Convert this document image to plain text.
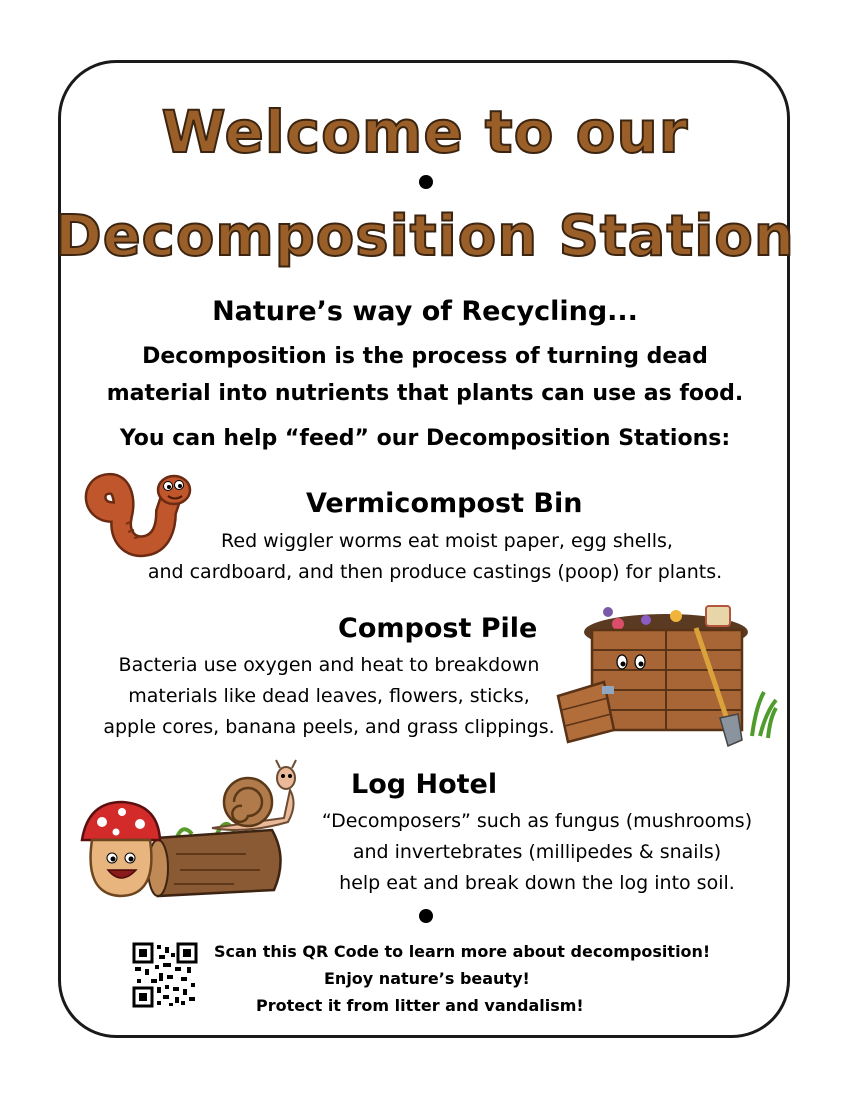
Welcome to our
Decomposition Station
Nature’s way of Recycling...
Decomposition is the process of turning dead
material into nutrients that plants can use as food.
You can help “feed” our Decomposition Stations:
Vermicompost Bin
Red wiggler worms eat moist paper, egg shells,
and cardboard, and then produce castings (poop) for plants.
Compost Pile
Bacteria use oxygen and heat to breakdown
materials like dead leaves, flowers, sticks,
apple cores, banana peels, and grass clippings.
Log Hotel
“Decomposers” such as fungus (mushrooms)
and invertebrates (millipedes & snails)
help eat and break down the log into soil.
Scan this QR Code to learn more about decomposition!
Enjoy nature’s beauty!
Protect it from litter and vandalism!
